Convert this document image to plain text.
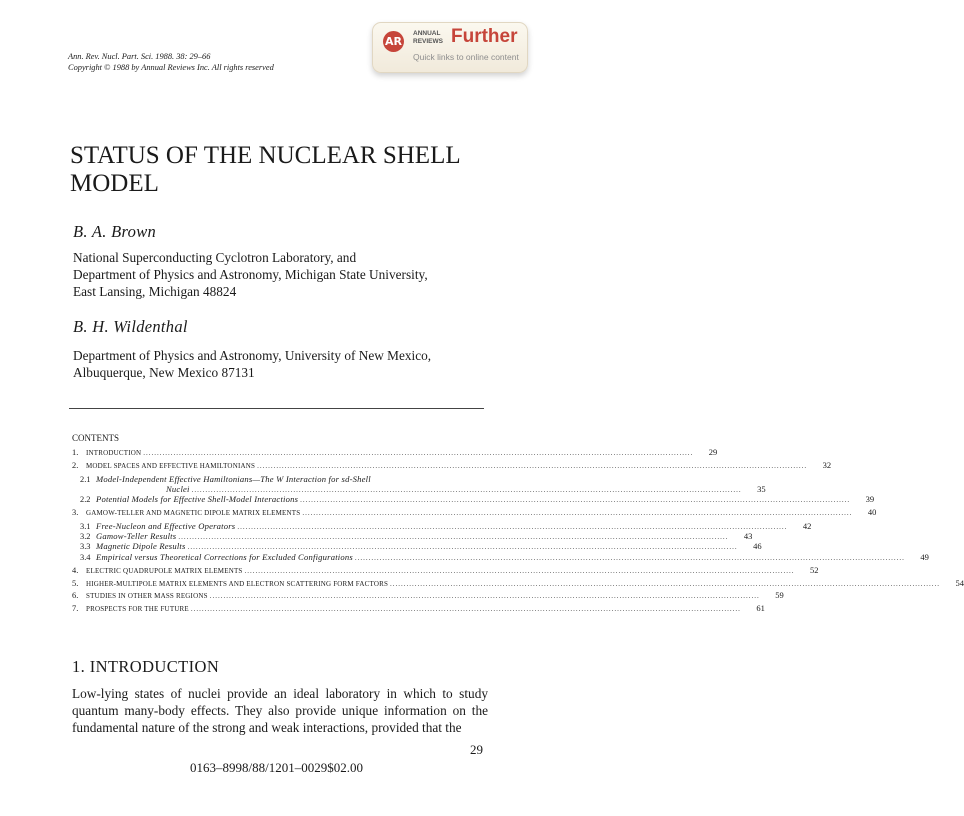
Ann. Rev. Nucl. Part. Sci. 1988. 38: 29–66
Copyright © 1988 by Annual Reviews Inc. All rights reserved
AR
ANNUAL REVIEWS Further
Quick links to online content
STATUS OF THE NUCLEAR SHELL MODEL
B. A. Brown
National Superconducting Cyclotron Laboratory, and
Department of Physics and Astronomy, Michigan State University,
East Lansing, Michigan 48824
B. H. Wildenthal
Department of Physics and Astronomy, University of New Mexico,
Albuquerque, New Mexico 87131
CONTENTS
1.	INTRODUCTION ........................................................................................................................................................................................................	29
2.	MODEL SPACES AND EFFECTIVE HAMILTONIANS ........................................................................................................................................................................................................	32
2.1 Model-Independent Effective Hamiltonians—The W Interaction for sd-Shell
Nuclei ........................................................................................................................................................................................................	35
2.2 Potential Models for Effective Shell-Model Interactions ........................................................................................................................................................................................................	39
3.	GAMOW-TELLER AND MAGNETIC DIPOLE MATRIX ELEMENTS ........................................................................................................................................................................................................	40
3.1 Free-Nucleon and Effective Operators ........................................................................................................................................................................................................	42
3.2 Gamow-Teller Results ........................................................................................................................................................................................................	43
3.3 Magnetic Dipole Results ........................................................................................................................................................................................................	46
3.4 Empirical versus Theoretical Corrections for Excluded Configurations ........................................................................................................................................................................................................	49
4.	ELECTRIC QUADRUPOLE MATRIX ELEMENTS ........................................................................................................................................................................................................	52
5.	HIGHER-MULTIPOLE MATRIX ELEMENTS AND ELECTRON SCATTERING FORM FACTORS ........................................................................................................................................................................................................	54
6.	STUDIES IN OTHER MASS REGIONS ........................................................................................................................................................................................................	59
7.	PROSPECTS FOR THE FUTURE ........................................................................................................................................................................................................	61
1. INTRODUCTION
Low-lying states of nuclei provide an ideal laboratory in which to study quantum many-body effects. They also provide unique information on the fundamental nature of the strong and weak interactions, provided that the
29
0163–8998/88/1201–0029$02.00
